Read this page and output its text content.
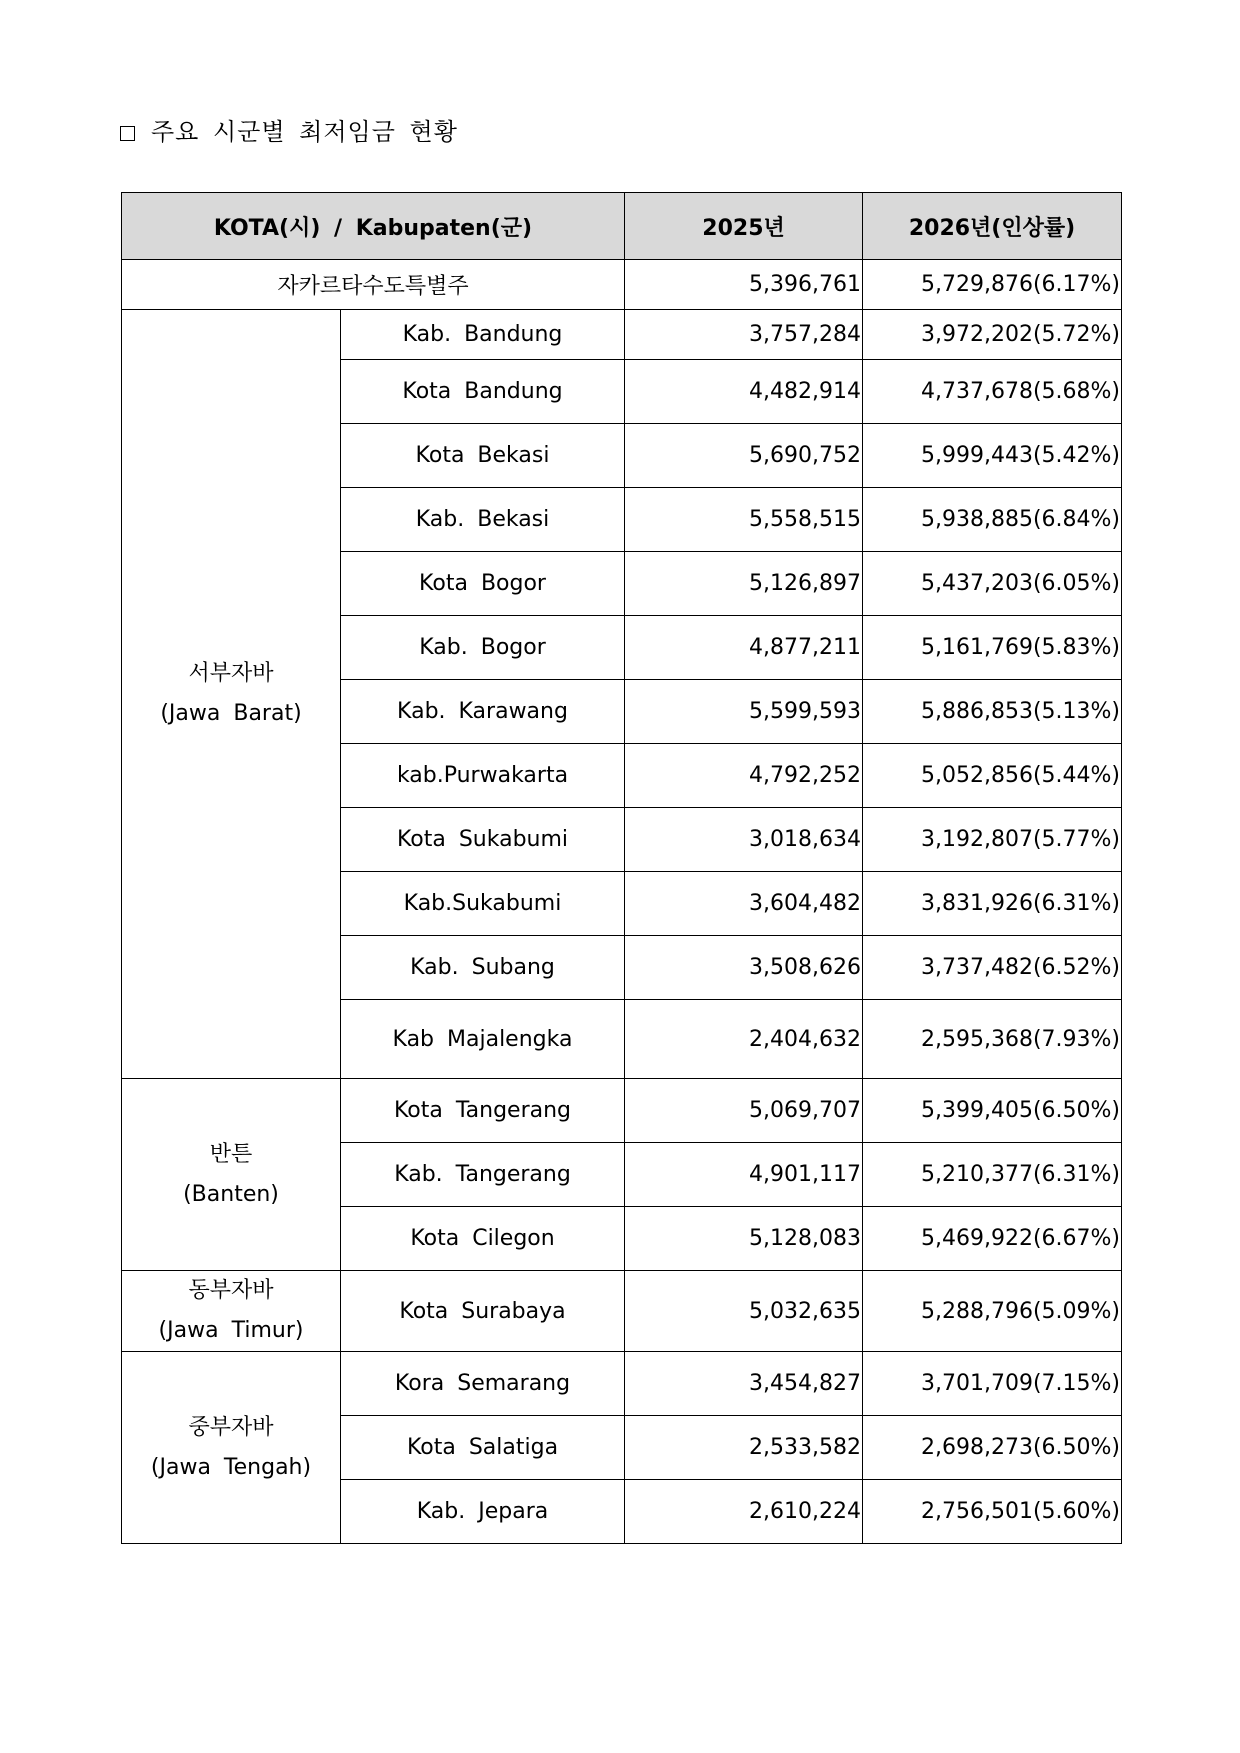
주요 시군별 최저임금 현황
KOTA(시) / Kabupaten(군)		2025년	2026년(인상률)
자카르타수도특별주		5,396,761	5,729,876(6.17%)

서부자바
(Jawa Barat)	Kab. Bandung	3,757,284	3,972,202(5.72%)
	Kota Bandung	4,482,914	4,737,678(5.68%)
	Kota Bekasi	5,690,752	5,999,443(5.42%)
	Kab. Bekasi	5,558,515	5,938,885(6.84%)
	Kota Bogor	5,126,897	5,437,203(6.05%)
	Kab. Bogor	4,877,211	5,161,769(5.83%)
	Kab. Karawang	5,599,593	5,886,853(5.13%)
	kab.Purwakarta	4,792,252	5,052,856(5.44%)
	Kota Sukabumi	3,018,634	3,192,807(5.77%)
	Kab.Sukabumi	3,604,482	3,831,926(6.31%)
	Kab. Subang	3,508,626	3,737,482(6.52%)
	Kab Majalengka	2,404,632	2,595,368(7.93%)

반튼
(Banten)	Kota Tangerang	5,069,707	5,399,405(6.50%)
	Kab. Tangerang	4,901,117	5,210,377(6.31%)
	Kota Cilegon	5,128,083	5,469,922(6.67%)

동부자바
(Jawa Timur)	Kota Surabaya	5,032,635	5,288,796(5.09%)

중부자바
(Jawa Tengah)	Kora Semarang	3,454,827	3,701,709(7.15%)
	Kota Salatiga	2,533,582	2,698,273(6.50%)
	Kab. Jepara	2,610,224	2,756,501(5.60%)
